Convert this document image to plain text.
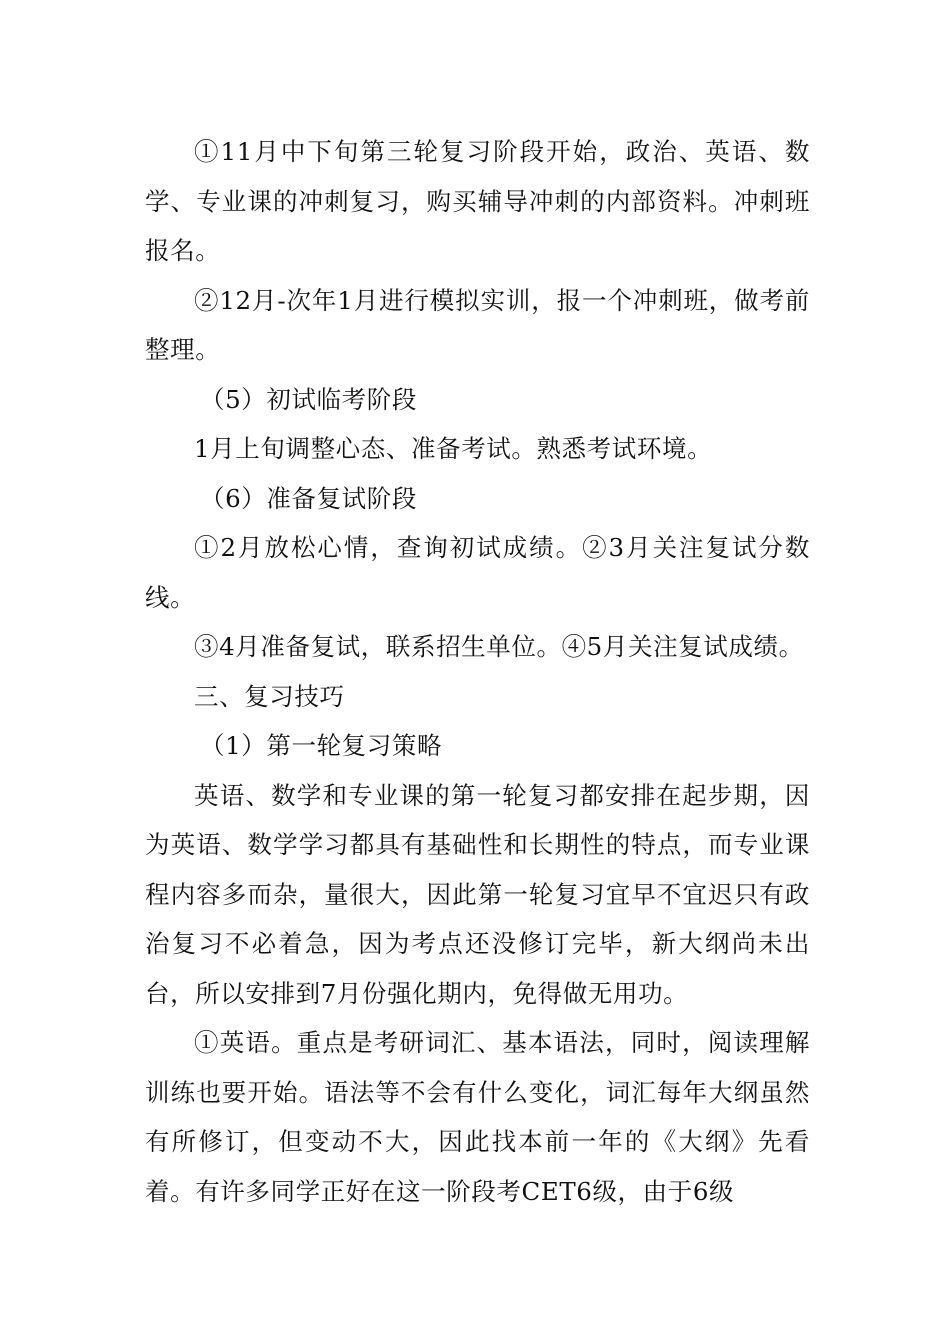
①11月中下旬第三轮复习阶段开始，政治、英语、数学、专业课的冲刺复习，购买辅导冲刺的内部资料。冲刺班报名。

②12月-次年1月进行模拟实训，报一个冲刺班，做考前整理。

（5）初试临考阶段

1月上旬调整心态、准备考试。熟悉考试环境。

（6）准备复试阶段

①2月放松心情，查询初试成绩。②3月关注复试分数线。

③4月准备复试，联系招生单位。④5月关注复试成绩。

三、复习技巧

（1）第一轮复习策略

英语、数学和专业课的第一轮复习都安排在起步期，因为英语、数学学习都具有基础性和长期性的特点，而专业课程内容多而杂，量很大，因此第一轮复习宜早不宜迟只有政治复习不必着急，因为考点还没修订完毕，新大纲尚未出台，所以安排到7月份强化期内，免得做无用功。

①英语。重点是考研词汇、基本语法，同时，阅读理解训练也要开始。语法等不会有什么变化，词汇每年大纲虽然有所修订，但变动不大，因此找本前一年的《大纲》先看着。有许多同学正好在这一阶段考CET6级，由于6级
